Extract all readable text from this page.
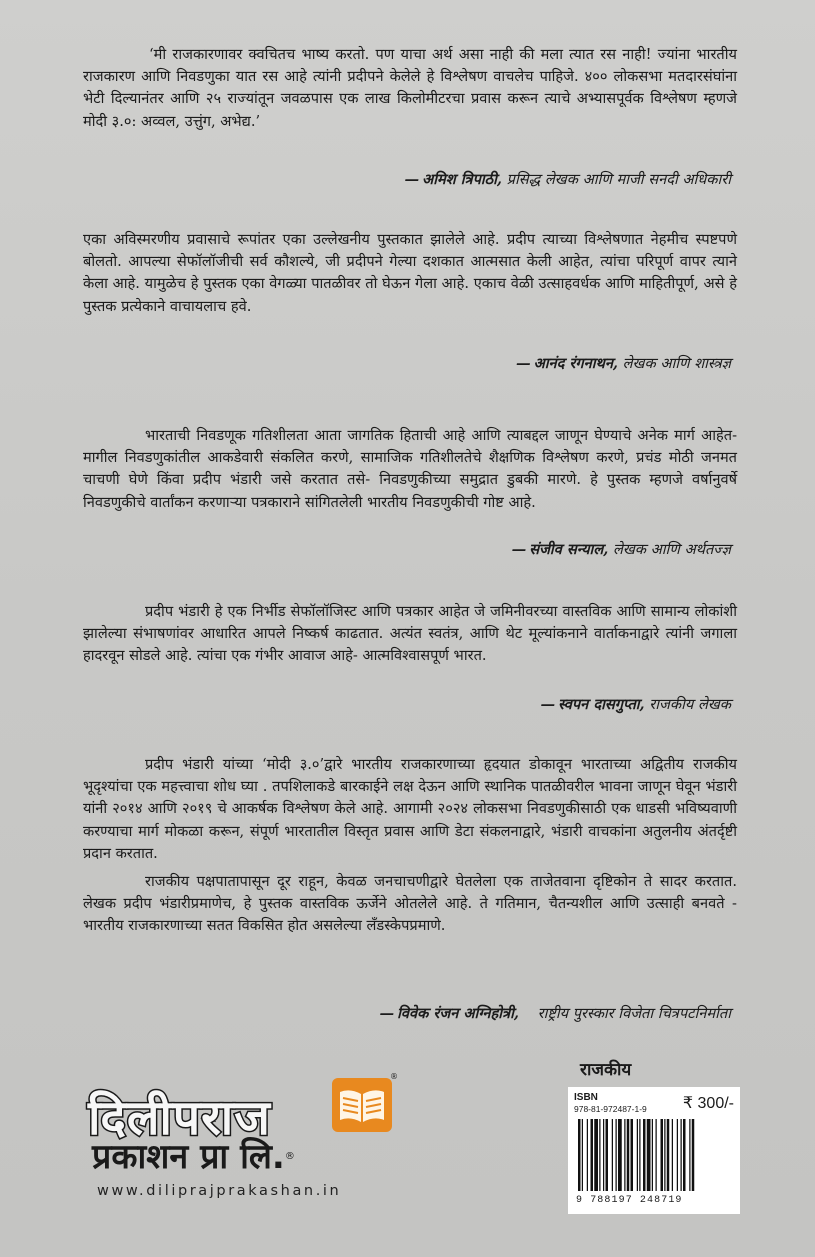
‘मी राजकारणावर क्वचितच भाष्य करतो. पण याचा अर्थ असा नाही की मला त्यात रस नाही! ज्यांना भारतीय राजकारण आणि निवडणुका यात रस आहे त्यांनी प्रदीपने केलेले हे विश्लेषण वाचलेच पाहिजे. ४०० लोकसभा मतदारसंघांना भेटी दिल्यानंतर आणि २५ राज्यांतून जवळपास एक लाख किलोमीटरचा प्रवास करून त्याचे अभ्यासपूर्वक विश्लेषण म्हणजे मोदी ३.०: अव्वल, उत्तुंग, अभेद्य.’

— अमिश त्रिपाठी, प्रसिद्ध लेखक आणि माजी सनदी अधिकारी

एका अविस्मरणीय प्रवासाचे रूपांतर एका उल्लेखनीय पुस्तकात झालेले आहे. प्रदीप त्याच्या विश्लेषणात नेहमीच स्पष्टपणे बोलतो. आपल्या सेफॉलॉजीची सर्व कौशल्ये, जी प्रदीपने गेल्या दशकात आत्मसात केली आहेत, त्यांचा परिपूर्ण वापर त्याने केला आहे. यामुळेच हे पुस्तक एका वेगळ्या पातळीवर तो घेऊन गेला आहे. एकाच वेळी उत्साहवर्धक आणि माहितीपूर्ण, असे हे पुस्तक प्रत्येकाने वाचायलाच हवे.

— आनंद रंगनाथन, लेखक आणि शास्त्रज्ञ

भारताची निवडणूक गतिशीलता आता जागतिक हिताची आहे आणि त्याबद्दल जाणून घेण्याचे अनेक मार्ग आहेत- मागील निवडणुकांतील आकडेवारी संकलित करणे, सामाजिक गतिशीलतेचे शैक्षणिक विश्लेषण करणे, प्रचंड मोठी जनमत चाचणी घेणे किंवा प्रदीप भंडारी जसे करतात तसे- निवडणुकीच्या समुद्रात डुबकी मारणे. हे पुस्तक म्हणजे वर्षानुवर्षे निवडणुकीचे वार्तांकन करणाऱ्या पत्रकाराने सांगितलेली भारतीय निवडणुकीची गोष्ट आहे.

— संजीव सन्याल, लेखक आणि अर्थतज्ज्ञ

प्रदीप भंडारी हे एक निर्भीड सेफॉलॉजिस्ट आणि पत्रकार आहेत जे जमिनीवरच्या वास्तविक आणि सामान्य लोकांशी झालेल्या संभाषणांवर आधारित आपले निष्कर्ष काढतात. अत्यंत स्वतंत्र, आणि थेट मूल्यांकनाने वार्ताकनाद्वारे त्यांनी जगाला हादरवून सोडले आहे. त्यांचा एक गंभीर आवाज आहे- आत्मविश्वासपूर्ण भारत.

— स्वपन दासगुप्ता, राजकीय लेखक

प्रदीप भंडारी यांच्या ‘मोदी ३.०’द्वारे भारतीय राजकारणाच्या हृदयात डोकावून भारताच्या अद्वितीय राजकीय भूदृश्यांचा एक महत्त्वाचा शोध घ्या . तपशिलाकडे बारकाईने लक्ष देऊन आणि स्थानिक पातळीवरील भावना जाणून घेवून भंडारी यांनी २०१४ आणि २०१९ चे आकर्षक विश्लेषण केले आहे. आगामी २०२४ लोकसभा निवडणुकीसाठी एक धाडसी भविष्यवाणी करण्याचा मार्ग मोकळा करून, संपूर्ण भारतातील विस्तृत प्रवास आणि डेटा संकलनाद्वारे, भंडारी वाचकांना अतुलनीय अंतर्दृष्टी प्रदान करतात.

राजकीय पक्षपातापासून दूर राहून, केवळ जनचाचणीद्वारे घेतलेला एक ताजेतवाना दृष्टिकोन ते सादर करतात. लेखक प्रदीप भंडारीप्रमाणेच, हे पुस्तक वास्तविक ऊर्जेने ओतलेले आहे. ते गतिमान, चैतन्यशील आणि उत्साही बनवते - भारतीय राजकारणाच्या सतत विकसित होत असलेल्या लँडस्केपप्रमाणे.

— विवेक रंजन अग्निहोत्री, राष्ट्रीय पुरस्कार विजेता चित्रपटनिर्माता
दिलीपराज
प्रकाशन प्रा लि.®
®
www.diliprajprakashan.in
राजकीय
ISBN
978-81-972487-1-9 ₹ 300/-
9 788197 248719
